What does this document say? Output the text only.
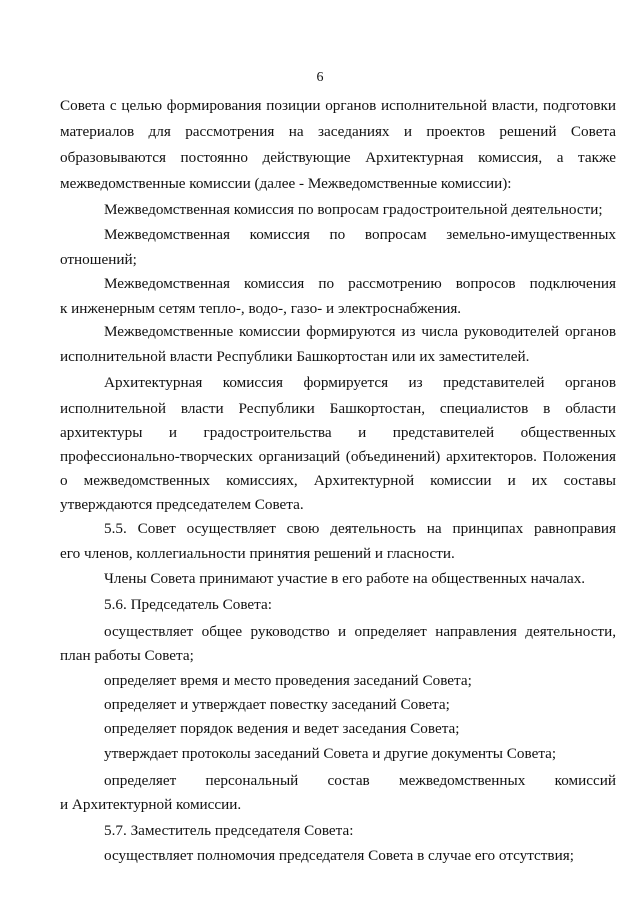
6
Совета с целью формирования позиции органов исполнительной власти, подготовки
материалов для рассмотрения на заседаниях и проектов решений Совета
образовываются постоянно действующие Архитектурная комиссия, а также
межведомственные комиссии (далее - Межведомственные комиссии):
Межведомственная комиссия по вопросам градостроительной деятельности;
Межведомственная комиссия по вопросам земельно-имущественных
отношений;
Межведомственная комиссия по рассмотрению вопросов подключения
к инженерным сетям тепло-, водо-, газо- и электроснабжения.
Межведомственные комиссии формируются из числа руководителей органов
исполнительной власти Республики Башкортостан или их заместителей.
Архитектурная комиссия формируется из представителей органов
исполнительной власти Республики Башкортостан, специалистов в области
архитектуры и градостроительства и представителей общественных
профессионально-творческих организаций (объединений) архитекторов. Положения
о межведомственных комиссиях, Архитектурной комиссии и их составы
утверждаются председателем Совета.
5.5. Совет осуществляет свою деятельность на принципах равноправия
его членов, коллегиальности принятия решений и гласности.
Члены Совета принимают участие в его работе на общественных началах.
5.6. Председатель Совета:
осуществляет общее руководство и определяет направления деятельности,
план работы Совета;
определяет время и место проведения заседаний Совета;
определяет и утверждает повестку заседаний Совета;
определяет порядок ведения и ведет заседания Совета;
утверждает протоколы заседаний Совета и другие документы Совета;
определяет персональный состав межведомственных комиссий
и Архитектурной комиссии.
5.7. Заместитель председателя Совета:
осуществляет полномочия председателя Совета в случае его отсутствия;
